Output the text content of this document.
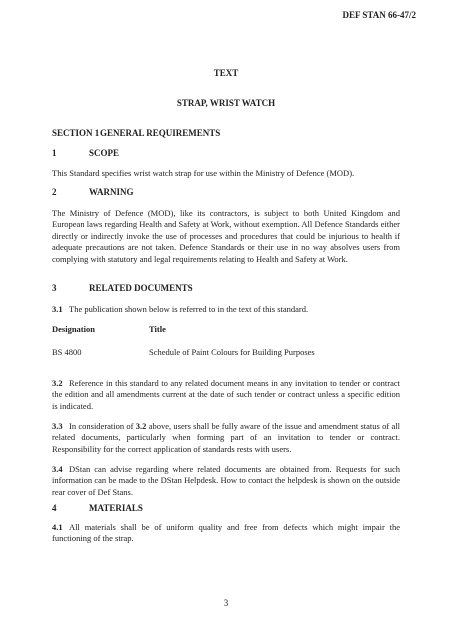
DEF STAN 66-47/2
TEXT
STRAP, WRIST WATCH
SECTION 1GENERAL REQUIREMENTS
1	SCOPE

This Standard specifies wrist watch strap for use within the Ministry of Defence (MOD).

2	WARNING

The Ministry of Defence (MOD), like its contractors, is subject to both United Kingdom and European laws regarding Health and Safety at Work, without exemption. All Defence Standards either directly or indirectly invoke the use of processes and procedures that could be injurious to health if adequate precautions are not taken. Defence Standards or their use in no way absolves users from complying with statutory and legal requirements relating to Health and Safety at Work.

3	RELATED DOCUMENTS

3.1 The publication shown below is referred to in the text of this standard.

Designation	Title
BS 4800	Schedule of Paint Colours for Building Purposes

3.2 Reference in this standard to any related document means in any invitation to tender or contract the edition and all amendments current at the date of such tender or contract unless a specific edition is indicated.

3.3 In consideration of 3.2 above, users shall be fully aware of the issue and amendment status of all related documents, particularly when forming part of an invitation to tender or contract. Responsibility for the correct application of standards rests with users.

3.4 DStan can advise regarding where related documents are obtained from. Requests for such information can be made to the DStan Helpdesk. How to contact the helpdesk is shown on the outside rear cover of Def Stans.

4	MATERIALS

4.1 All materials shall be of uniform quality and free from defects which might impair the functioning of the strap.

3
